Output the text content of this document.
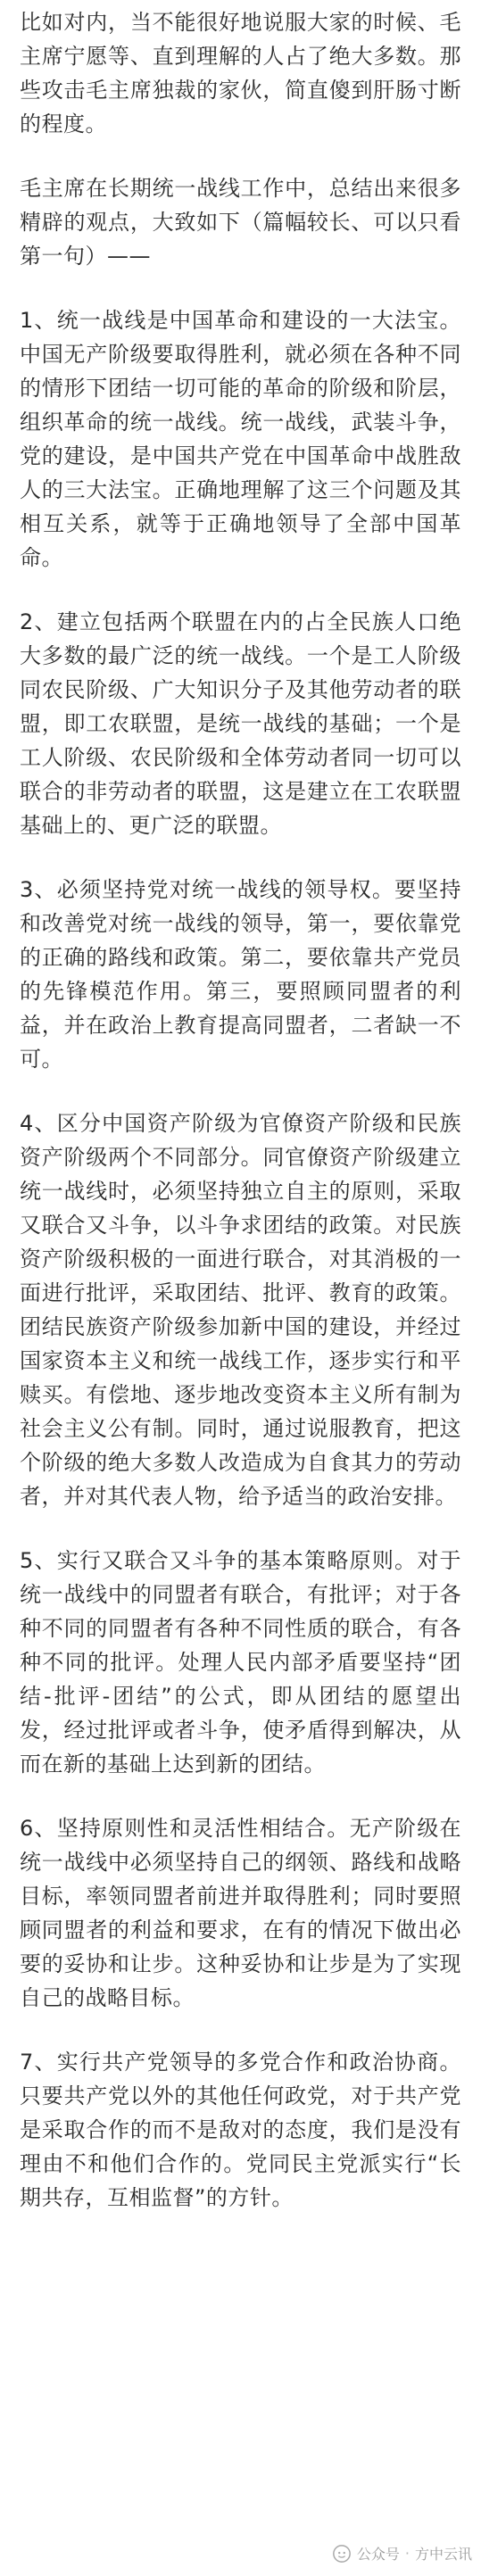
比如对内，当不能很好地说服大家的时候、毛主席宁愿等、直到理解的人占了绝大多数。那些攻击毛主席独裁的家伙，简直傻到肝肠寸断的程度。

毛主席在长期统一战线工作中，总结出来很多精辟的观点，大致如下（篇幅较长、可以只看第一句）——

1、统一战线是中国革命和建设的一大法宝。中国无产阶级要取得胜利，就必须在各种不同的情形下团结一切可能的革命的阶级和阶层，组织革命的统一战线。统一战线，武装斗争，党的建设，是中国共产党在中国革命中战胜敌人的三大法宝。正确地理解了这三个问题及其相互关系，就等于正确地领导了全部中国革命。

2、建立包括两个联盟在内的占全民族人口绝大多数的最广泛的统一战线。一个是工人阶级同农民阶级、广大知识分子及其他劳动者的联盟，即工农联盟，是统一战线的基础；一个是工人阶级、农民阶级和全体劳动者同一切可以联合的非劳动者的联盟，这是建立在工农联盟基础上的、更广泛的联盟。

3、必须坚持党对统一战线的领导权。要坚持和改善党对统一战线的领导，第一，要依靠党的正确的路线和政策。第二，要依靠共产党员的先锋模范作用。第三，要照顾同盟者的利益，并在政治上教育提高同盟者，二者缺一不可。

4、区分中国资产阶级为官僚资产阶级和民族资产阶级两个不同部分。同官僚资产阶级建立统一战线时，必须坚持独立自主的原则，采取又联合又斗争，以斗争求团结的政策。对民族资产阶级积极的一面进行联合，对其消极的一面进行批评，采取团结、批评、教育的政策。团结民族资产阶级参加新中国的建设，并经过国家资本主义和统一战线工作，逐步实行和平赎买。有偿地、逐步地改变资本主义所有制为社会主义公有制。同时，通过说服教育，把这个阶级的绝大多数人改造成为自食其力的劳动者，并对其代表人物，给予适当的政治安排。

5、实行又联合又斗争的基本策略原则。对于统一战线中的同盟者有联合，有批评；对于各种不同的同盟者有各种不同性质的联合，有各种不同的批评。处理人民内部矛盾要坚持“团结-批评-团结”的公式，即从团结的愿望出发，经过批评或者斗争，使矛盾得到解决，从而在新的基础上达到新的团结。

6、坚持原则性和灵活性相结合。无产阶级在统一战线中必须坚持自己的纲领、路线和战略目标，率领同盟者前进并取得胜利；同时要照顾同盟者的利益和要求，在有的情况下做出必要的妥协和让步。这种妥协和让步是为了实现自己的战略目标。

7、实行共产党领导的多党合作和政治协商。只要共产党以外的其他任何政党，对于共产党是采取合作的而不是敌对的态度，我们是没有理由不和他们合作的。党同民主党派实行“长期共存，互相监督”的方针。

公众号 · 方中云讯
